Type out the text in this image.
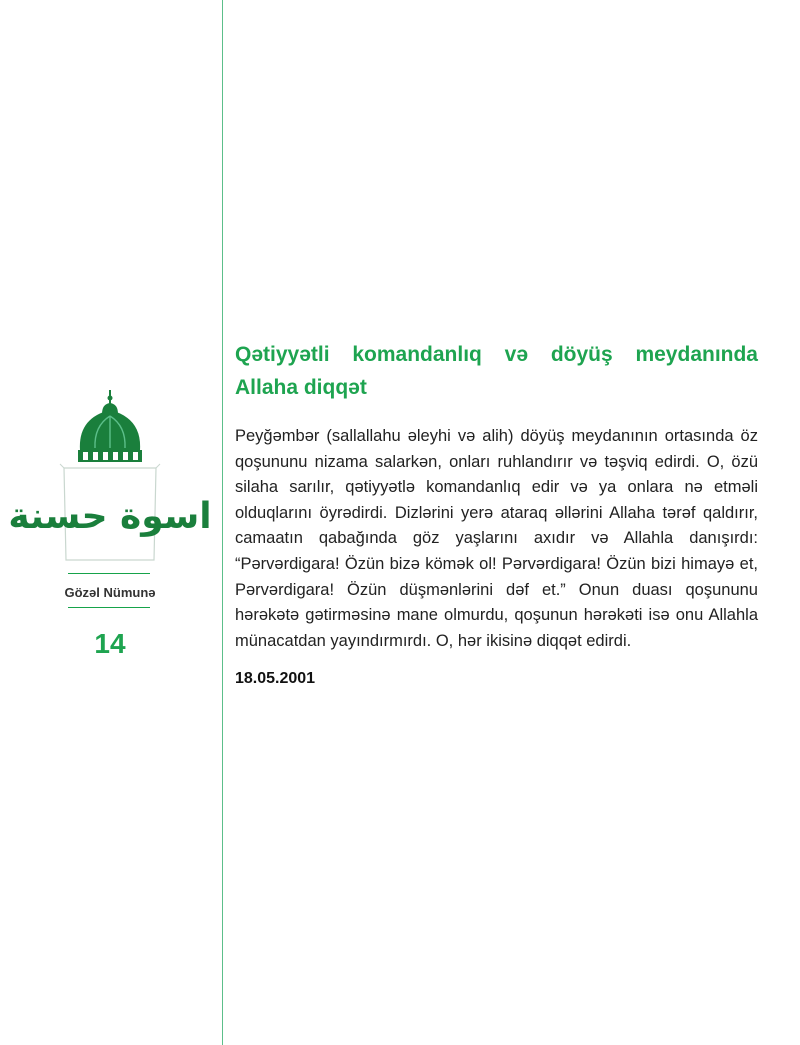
اسوة حسنة
Gözəl Nümunə
14
Qətiyyətli komandanlıq və döyüş meydanında Allaha diqqət

Peyğəmbər (sallallahu əleyhi və alih) döyüş meydanının ortasında öz qoşununu nizama salarkən, onları ruhlandırır və təşviq edirdi. O, özü silaha sarılır, qətiyyətlə komandanlıq edir və ya onlara nə etməli olduqlarını öyrədirdi. Dizlərini yerə ataraq əllərini Allaha tərəf qaldırır, camaatın qabağında göz yaşlarını axıdır və Allahla danışırdı: “Pərvərdigara! Özün bizə kömək ol! Pərvərdigara! Özün bizi himayə et, Pərvərdigara! Özün düşmənlərini dəf et.” Onun duası qoşununu hərəkətə gətirməsinə mane olmurdu, qoşunun hərəkəti isə onu Allahla münacatdan yayındırmırdı. O, hər ikisinə diqqət edirdi.

18.05.2001
